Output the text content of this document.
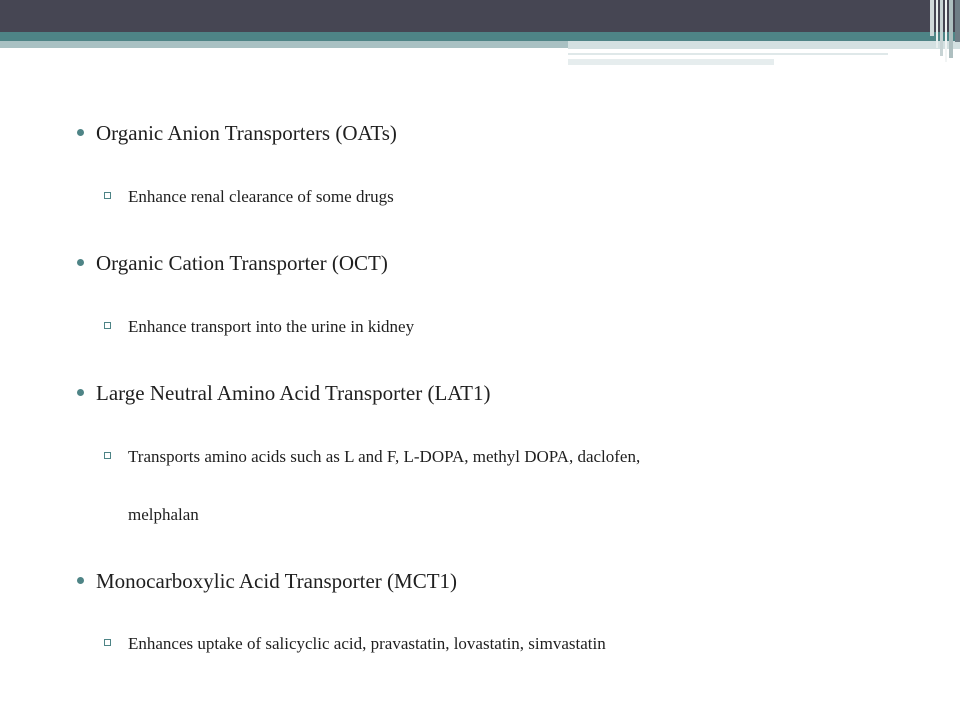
Organic Anion Transporters (OATs)
Enhance renal clearance of some drugs
Organic Cation Transporter (OCT)
Enhance transport into the urine in kidney
Large Neutral Amino Acid Transporter (LAT1)
Transports amino acids such as L and F, L-DOPA, methyl DOPA, daclofen,
melphalan
Monocarboxylic Acid Transporter (MCT1)
Enhances uptake of salicyclic acid, pravastatin, lovastatin, simvastatin
